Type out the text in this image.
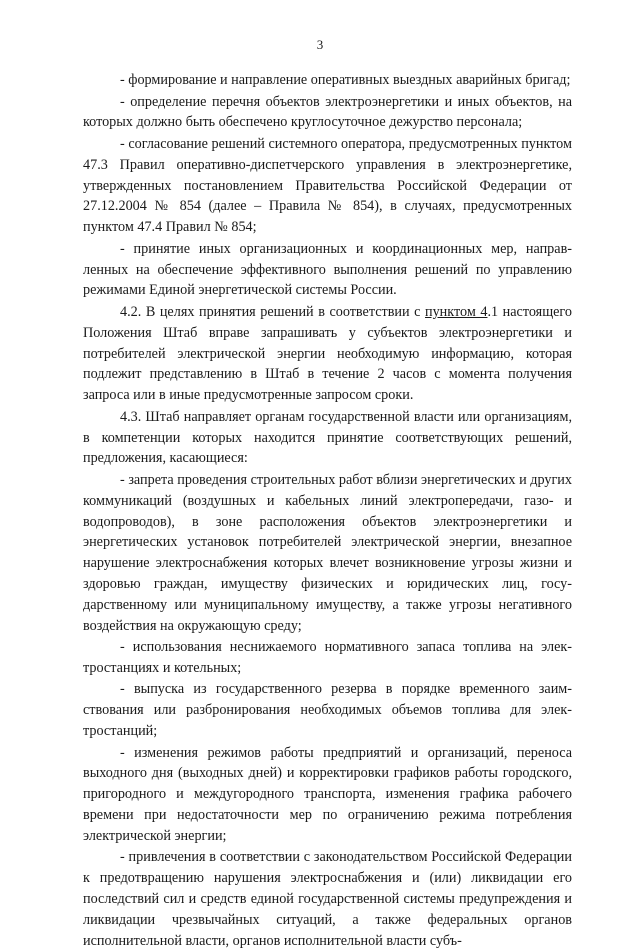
3

- формирование и направление оперативных выездных аварийных бригад;

- определение перечня объектов электроэнергетики и иных объектов, на которых должно быть обеспечено круглосуточное дежурство персонала;

- согласование решений системного оператора, предусмотренных пунктом 47.3 Правил оперативно-диспетчерского управления в электроэнергетике, утвержденных постановлением Правительства Российской Федерации от 27.12.2004 № 854 (далее – Правила № 854), в случаях, предусмотренных пунктом 47.4 Правил № 854;

- принятие иных организационных и координационных мер, направленных на обеспечение эффективного выполнения решений по управлению режимами Единой энергетической системы России.

4.2. В целях принятия решений в соответствии с пунктом 4.1 настоящего Положения Штаб вправе запрашивать у субъектов электроэнергетики и потребителей электрической энергии необходимую информацию, которая подлежит представлению в Штаб в течение 2 часов с момента получения запроса или в иные предусмотренные запросом сроки.

4.3. Штаб направляет органам государственной власти или организациям, в компетенции которых находится принятие соответствующих решений, предложения, касающиеся:

- запрета проведения строительных работ вблизи энергетических и других коммуникаций (воздушных и кабельных линий электропередачи, газо- и водопроводов), в зоне расположения объектов электроэнергетики и энергетических установок потребителей электрической энергии, внезапное нарушение электроснабжения которых влечет возникновение угрозы жизни и здоровью граждан, имуществу физических и юридических лиц, государственному или муниципальному имуществу, а также угрозы негативного воздействия на окружающую среду;

- использования неснижаемого нормативного запаса топлива на электростанциях и котельных;

- выпуска из государственного резерва в порядке временного заимствования или разбронирования необходимых объемов топлива для электростанций;

- изменения режимов работы предприятий и организаций, переноса выходного дня (выходных дней) и корректировки графиков работы городского, пригородного и междугородного транспорта, изменения графика рабочего времени при недостаточности мер по ограничению режима потребления электрической энергии;

- привлечения в соответствии с законодательством Российской Федерации к предотвращению нарушения электроснабжения и (или) ликвидации его последствий сил и средств единой государственной системы предупреждения и ликвидации чрезвычайных ситуаций, а также федеральных органов исполнительной власти, органов исполнительной власти субъ-
